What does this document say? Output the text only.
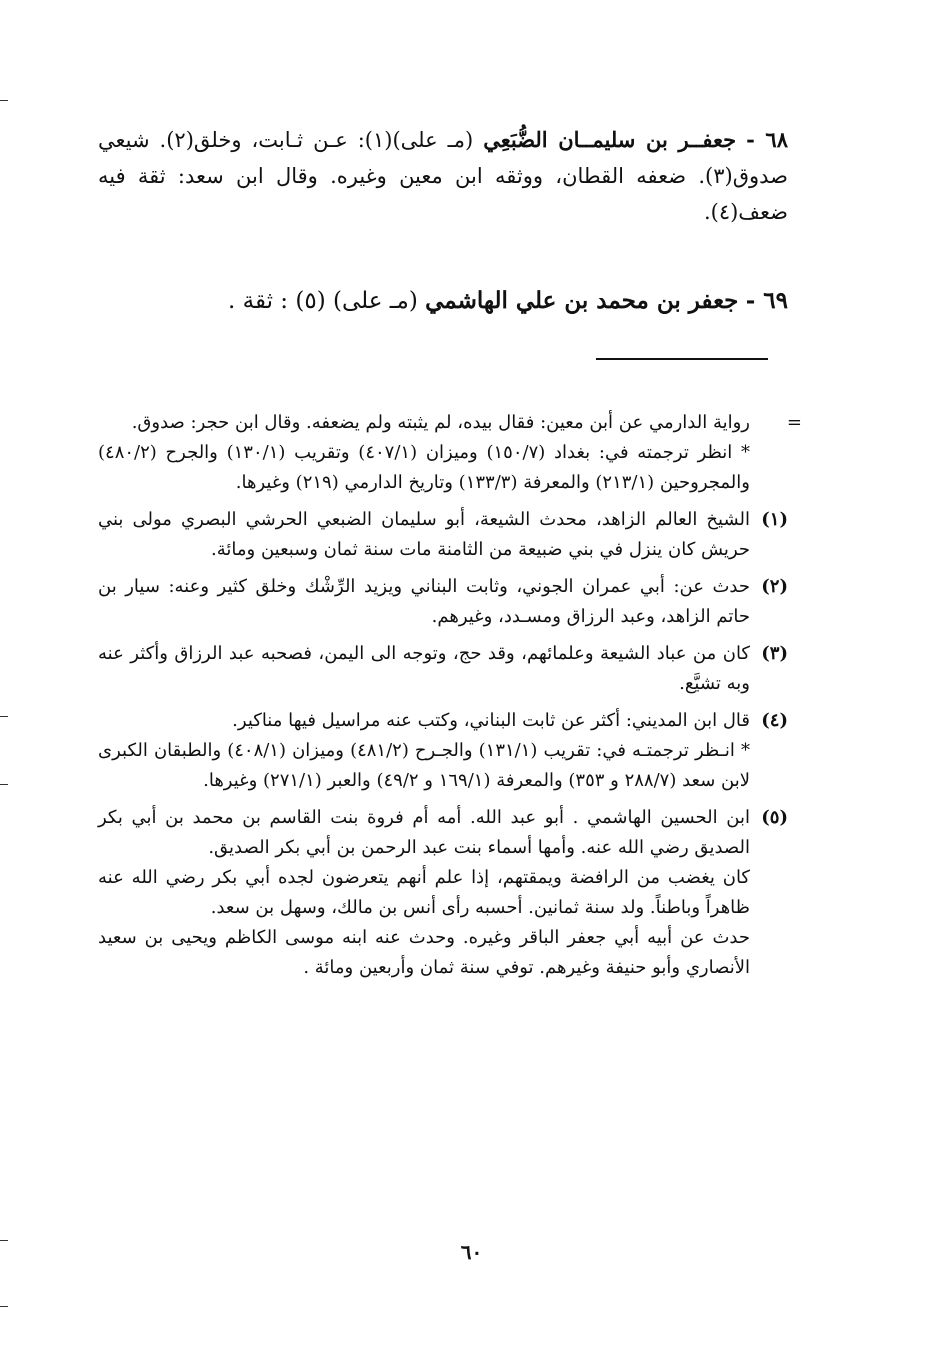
٦٨ - جعفــر بن سليمــان الضُّبَعِي (مـ على)(١): عـن ثـابت، وخلق(٢). شيعي صدوق(٣). ضعفه القطان، ووثقه ابن معين وغيره. وقال ابن سعد: ثقة فيه ضعف(٤).
٦٩ - جعفر بن محمد بن علي الهاشمي (مـ على) (٥) : ثقة .
=
رواية الدارمي عن أبن معين: فقال بيده، لم يثبته ولم يضعفه. وقال ابن حجر: صدوق.
* انظر ترجمته في: بغداد (١٥٠/٧) وميزان (٤٠٧/١) وتقريب (١٣٠/١) والجرح (٤٨٠/٢) والمجروحين (٢١٣/١) والمعرفة (١٣٣/٣) وتاريخ الدارمي (٢١٩) وغيرها.
(١)
الشيخ العالم الزاهد، محدث الشيعة، أبو سليمان الضبعي الحرشي البصري مولى بني حريش كان ينزل في بني ضبيعة من الثامنة مات سنة ثمان وسبعين ومائة.
(٢)
حدث عن: أبي عمران الجوني، وثابت البناني ويزيد الرِّشْك وخلق كثير وعنه: سيار بن حاتم الزاهد، وعبد الرزاق ومسـدد، وغيرهم.
(٣)
كان من عباد الشيعة وعلمائهم، وقد حج، وتوجه الى اليمن، فصحبه عبد الرزاق وأكثر عنه وبه تشيَّع.
(٤)
قال ابن المديني: أكثر عن ثابت البناني، وكتب عنه مراسيل فيها مناكير.
* انـظر ترجمتـه في: تقريب (١٣١/١) والجـرح (٤٨١/٢) وميزان (٤٠٨/١) والطبقان الكبرى لابن سعد (٢٨٨/٧ و ٣٥٣) والمعرفة (١٦٩/١ و ٤٩/٢) والعبر (٢٧١/١) وغيرها.
(٥)
ابن الحسين الهاشمي . أبو عبد الله. أمه أم فروة بنت القاسم بن محمد بن أبي بكر الصديق رضي الله عنه. وأمها أسماء بنت عبد الرحمن بن أبي بكر الصديق.
كان يغضب من الرافضة ويمقتهم، إذا علم أنهم يتعرضون لجده أبي بكر رضي الله عنه ظاهراً وباطناً. ولد سنة ثمانين. أحسبه رأى أنس بن مالك، وسهل بن سعد.
حدث عن أبيه أبي جعفر الباقر وغيره. وحدث عنه ابنه موسى الكاظم ويحيى بن سعيد الأنصاري وأبو حنيفة وغيرهم. توفي سنة ثمان وأربعين ومائة .
٦٠
